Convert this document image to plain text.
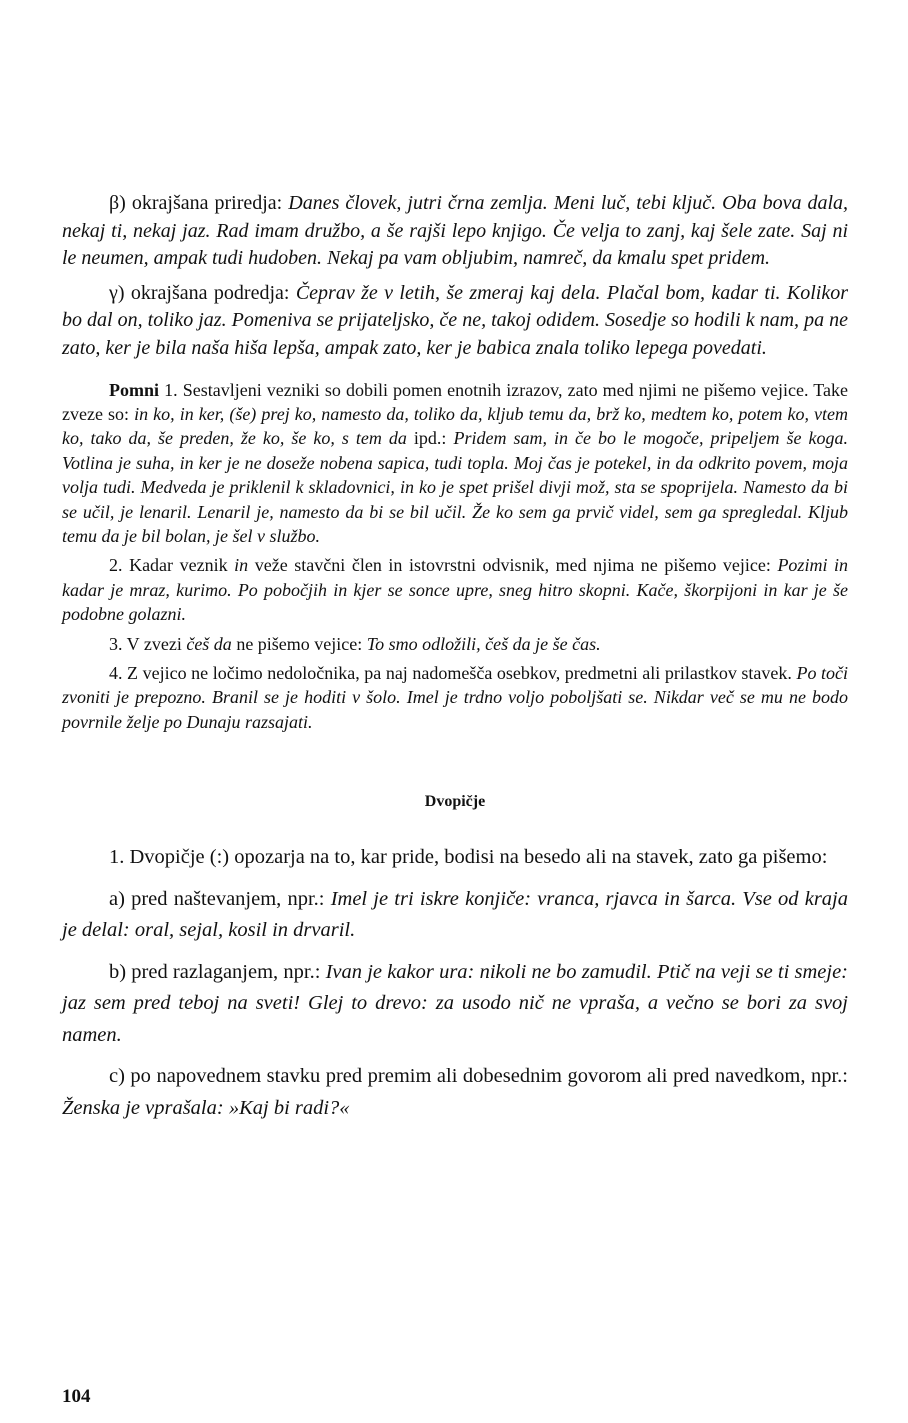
β) okrajšana priredja: Danes človek, jutri črna zemlja. Meni luč, tebi ključ. Oba bova dala, nekaj ti, nekaj jaz. Rad imam družbo, a še rajši lepo knjigo. Če velja to zanj, kaj šele zate. Saj ni le neumen, ampak tudi hudoben. Nekaj pa vam obljubim, namreč, da kmalu spet pridem.

γ) okrajšana podredja: Čeprav že v letih, še zmeraj kaj dela. Plačal bom, kadar ti. Kolikor bo dal on, toliko jaz. Pomeniva se prijateljsko, če ne, takoj odidem. Sosedje so hodili k nam, pa ne zato, ker je bila naša hiša lepša, ampak zato, ker je babica znala toliko lepega povedati.

Pomni 1. Sestavljeni vezniki so dobili pomen enotnih izrazov, zato med njimi ne pišemo vejice. Take zveze so: in ko, in ker, (še) prej ko, namesto da, toliko da, kljub temu da, brž ko, medtem ko, potem ko, vtem ko, tako da, še preden, že ko, še ko, s tem da ipd.: Pridem sam, in če bo le mogoče, pripeljem še koga. Votlina je suha, in ker je ne doseže nobena sapica, tudi topla. Moj čas je potekel, in da odkrito povem, moja volja tudi. Medveda je priklenil k skladovnici, in ko je spet prišel divji mož, sta se spoprijela. Namesto da bi se učil, je lenaril. Lenaril je, namesto da bi se bil učil. Že ko sem ga prvič videl, sem ga spregledal. Kljub temu da je bil bolan, je šel v službo.

2. Kadar veznik in veže stavčni člen in istovrstni odvisnik, med njima ne pišemo vejice: Pozimi in kadar je mraz, kurimo. Po pobočjih in kjer se sonce upre, sneg hitro skopni. Kače, škorpijoni in kar je še podobne golazni.

3. V zvezi češ da ne pišemo vejice: To smo odložili, češ da je še čas.

4. Z vejico ne ločimo nedoločnika, pa naj nadomešča osebkov, predmetni ali prilastkov stavek. Po toči zvoniti je prepozno. Branil se je hoditi v šolo. Imel je trdno voljo poboljšati se. Nikdar več se mu ne bodo povrnile želje po Dunaju razsajati.

Dvopičje

1. Dvopičje (:) opozarja na to, kar pride, bodisi na besedo ali na stavek, zato ga pišemo:

a) pred naštevanjem, npr.: Imel je tri iskre konjiče: vranca, rjavca in šarca. Vse od kraja je delal: oral, sejal, kosil in drvaril.

b) pred razlaganjem, npr.: Ivan je kakor ura: nikoli ne bo zamudil. Ptič na veji se ti smeje: jaz sem pred teboj na sveti! Glej to drevo: za usodo nič ne vpraša, a večno se bori za svoj namen.

c) po napovednem stavku pred premim ali dobesednim govorom ali pred navedkom, npr.: Ženska je vprašala: »Kaj bi radi?«

104
